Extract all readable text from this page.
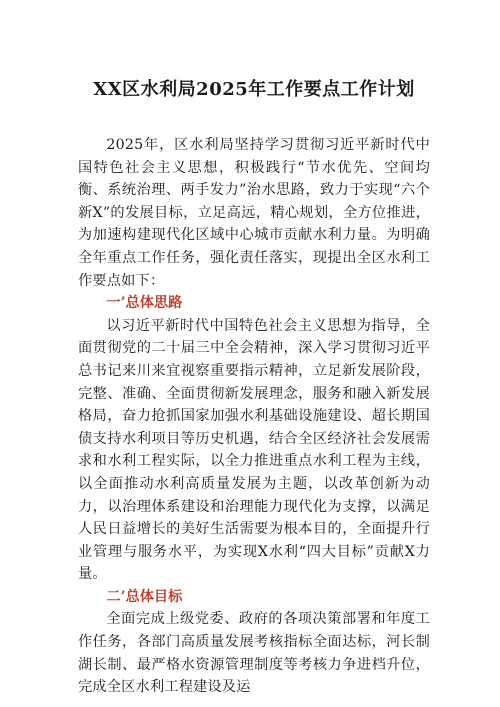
XX区水利局2025年工作要点工作计划

2025年，区水利局坚持学习贯彻习近平新时代中国特色社会主义思想，积极践行“节水优先、空间均衡、系统治理、两手发力”治水思路，致力于实现“六个新X”的发展目标，立足高远，精心规划，全方位推进，为加速构建现代化区域中心城市贡献水利力量。为明确全年重点工作任务，强化责任落实，现提出全区水利工作要点如下：

一’总体思路

以习近平新时代中国特色社会主义思想为指导，全面贯彻党的二十届三中全会精神，深入学习贯彻习近平总书记来川来宜视察重要指示精神，立足新发展阶段，完整、准确、全面贯彻新发展理念，服务和融入新发展格局，奋力抢抓国家加强水利基础设施建设、超长期国债支持水利项目等历史机遇，结合全区经济社会发展需求和水利工程实际，以全力推进重点水利工程为主线，以全面推动水利高质量发展为主题，以改革创新为动力，以治理体系建设和治理能力现代化为支撑，以满足人民日益增长的美好生活需要为根本目的，全面提升行业管理与服务水平，为实现X水利“四大目标”贡献X力量。

二’总体目标

全面完成上级党委、政府的各项决策部署和年度工作任务，各部门高质量发展考核指标全面达标，河长制湖长制、最严格水资源管理制度等考核力争进档升位，完成全区水利工程建设及运
